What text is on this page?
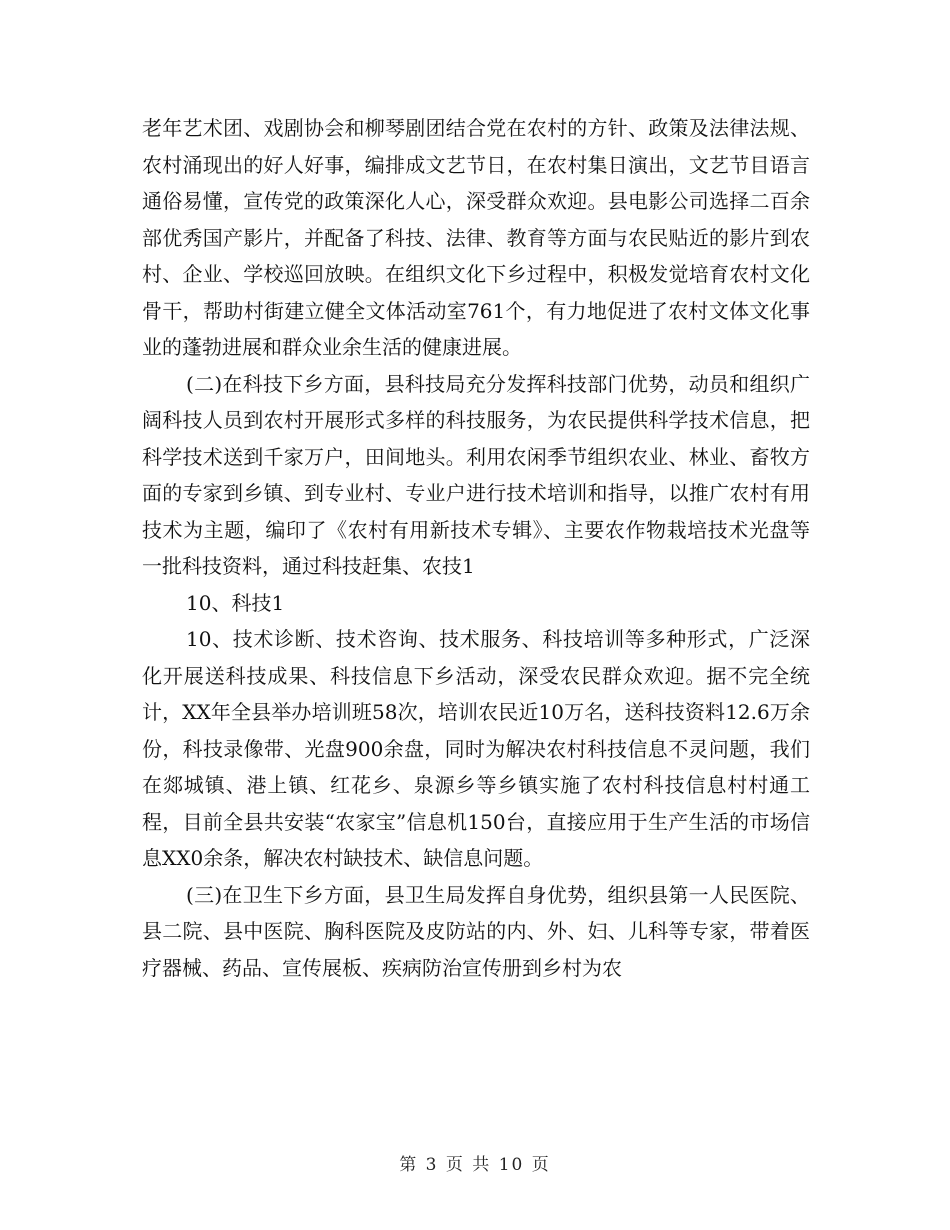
老年艺术团、戏剧协会和柳琴剧团结合党在农村的方针、政策及法律法规、农村涌现出的好人好事，编排成文艺节日，在农村集日演出，文艺节目语言通俗易懂，宣传党的政策深化人心，深受群众欢迎。县电影公司选择二百余部优秀国产影片，并配备了科技、法律、教育等方面与农民贴近的影片到农村、企业、学校巡回放映。在组织文化下乡过程中，积极发觉培育农村文化骨干，帮助村街建立健全文体活动室761个，有力地促进了农村文体文化事业的蓬勃进展和群众业余生活的健康进展。

(二)在科技下乡方面，县科技局充分发挥科技部门优势，动员和组织广阔科技人员到农村开展形式多样的科技服务，为农民提供科学技术信息，把科学技术送到千家万户，田间地头。利用农闲季节组织农业、林业、畜牧方面的专家到乡镇、到专业村、专业户进行技术培训和指导，以推广农村有用技术为主题，编印了《农村有用新技术专辑》、主要农作物栽培技术光盘等一批科技资料，通过科技赶集、农技1

10、科技1

10、技术诊断、技术咨询、技术服务、科技培训等多种形式，广泛深化开展送科技成果、科技信息下乡活动，深受农民群众欢迎。据不完全统计，XX年全县举办培训班58次，培训农民近10万名，送科技资料12.6万余份，科技录像带、光盘900余盘，同时为解决农村科技信息不灵问题，我们在郯城镇、港上镇、红花乡、泉源乡等乡镇实施了农村科技信息村村通工程，目前全县共安装“农家宝”信息机150台，直接应用于生产生活的市场信息XX0余条，解决农村缺技术、缺信息问题。

(三)在卫生下乡方面，县卫生局发挥自身优势，组织县第一人民医院、县二院、县中医院、胸科医院及皮防站的内、外、妇、儿科等专家，带着医疗器械、药品、宣传展板、疾病防治宣传册到乡村为农

第 3 页 共 10 页
